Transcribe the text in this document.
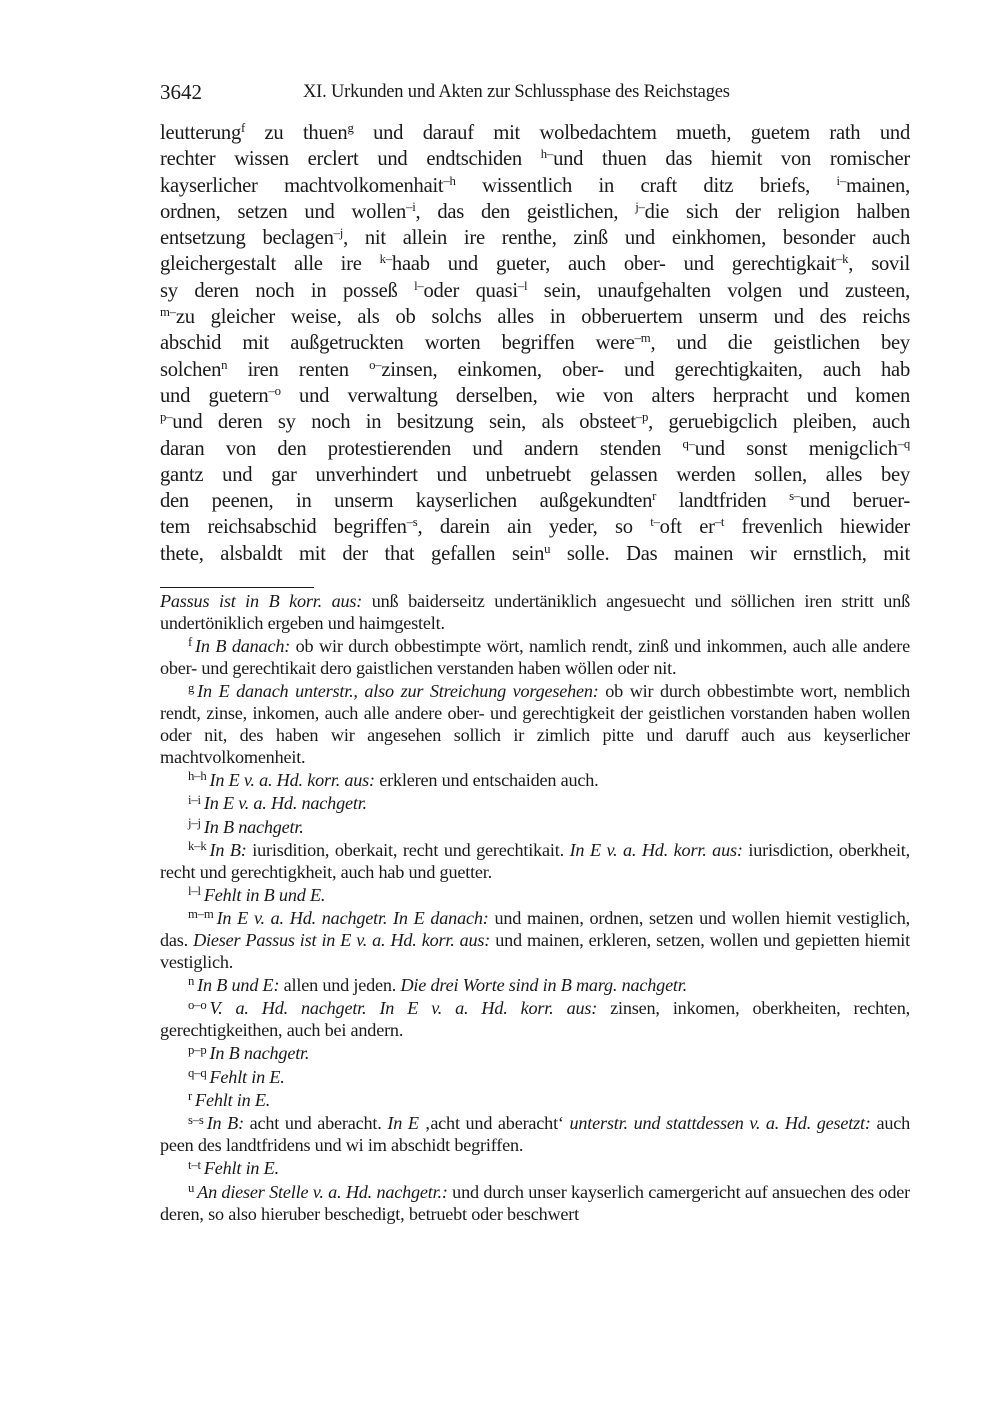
3642	XI. Urkunden und Akten zur Schlussphase des Reichstages
leutterung$^f$ zu thuen$^g$ und darauf mit wolbedachtem mueth, guetem rath und
rechter wissen erclert und endtschiden $^{h-}$und thuen das hiemit von romischer
kayserlicher machtvolkomenhait$^{-h}$ wissentlich in craft ditz briefs, $^{i-}$mainen,
ordnen, setzen und wollen$^{-i}$, das den geistlichen, $^{j-}$die sich der religion halben
entsetzung beclagen$^{-j}$, nit allein ire renthe, zinß und einkhomen, besonder auch
gleichergestalt alle ire $^{k-}$haab und gueter, auch ober- und gerechtigkait$^{-k}$, sovil
sy deren noch in posseß $^{l-}$oder quasi$^{-l}$ sein, unaufgehalten volgen und zusteen,
$^{m-}$zu gleicher weise, als ob solchs alles in obberuertem unserm und des reichs
abschid mit außgetruckten worten begriffen were$^{-m}$, und die geistlichen bey
solchen$^n$ iren renten $^{o-}$zinsen, einkomen, ober- und gerechtigkaiten, auch hab
und guetern$^{-o}$ und verwaltung derselben, wie von alters herpracht und komen
$^{p-}$und deren sy noch in besitzung sein, als obsteet$^{-p}$, geruebigclich pleiben, auch
daran von den protestierenden und andern stenden $^{q-}$und sonst menigclich$^{-q}$
gantz und gar unverhindert und unbetruebt gelassen werden sollen, alles bey
den peenen, in unserm kayserlichen außgekundten$^r$ landtfriden $^{s-}$und beruer-
tem reichsabschid begriffen$^{-s}$, darein ain yeder, so $^{t-}$oft $er^{-t}$ frevenlich hiewider
thete, alsbaldt mit der that gefallen sein$^u$ solle. Das mainen wir ernstlich, mit

Passus ist in B korr. aus: unß baiderseitz undertäniklich angesuecht und söllichen iren stritt unß undertöniklich ergeben und haimgestelt.

$^f$ In B danach: ob wir durch obbestimpte wört, namlich rendt, zinß und inkommen, auch alle andere ober- und gerechtikait dero gaistlichen verstanden haben wöllen oder nit.

$^g$ In E danach unterstr., also zur Streichung vorgesehen: ob wir durch obbestimbte wort, nemblich rendt, zinse, inkomen, auch alle andere ober- und gerechtigkeit der geistlichen vorstanden haben wollen oder nit, des haben wir angesehen sollich ir zimlich pitte und daruff auch aus keyserlicher machtvolkomenheit.

$^{h-h}$ In E v. a. Hd. korr. aus: erkleren und entschaiden auch.

$^{i-i}$ In E v. a. Hd. nachgetr.

$^{j-j}$ In B nachgetr.

$^{k-k}$ In B: iurisdition, oberkait, recht und gerechtikait. In E v. a. Hd. korr. aus: iurisdiction, oberkheit, recht und gerechtigkheit, auch hab und guetter.

$^{l-l}$ Fehlt in B und E.

$^{m-m}$ In E v. a. Hd. nachgetr. In E danach: und mainen, ordnen, setzen und wollen hiemit vestiglich, das. Dieser Passus ist in E v. a. Hd. korr. aus: und mainen, erkleren, setzen, wollen und gepietten hiemit vestiglich.

$^n$ In B und E: allen und jeden. Die drei Worte sind in B marg. nachgetr.

$^{o-o}$ V. a. Hd. nachgetr. In E v. a. Hd. korr. aus: zinsen, inkomen, oberkheiten, rechten, gerechtigkeithen, auch bei andern.

$^{p-p}$ In B nachgetr.

$^{q-q}$ Fehlt in E.

$^r$ Fehlt in E.

$^{s-s}$ In B: acht und aberacht. In E ‚acht und aberacht‘ unterstr. und stattdessen v. a. Hd. gesetzt: auch peen des landtfridens und wi im abschidt begriffen.

$^{t-t}$ Fehlt in E.

$^u$ An dieser Stelle v. a. Hd. nachgetr.: und durch unser kayserlich camergericht auf ansuechen des oder deren, so also hieruber beschedigt, betruebt oder beschwert
